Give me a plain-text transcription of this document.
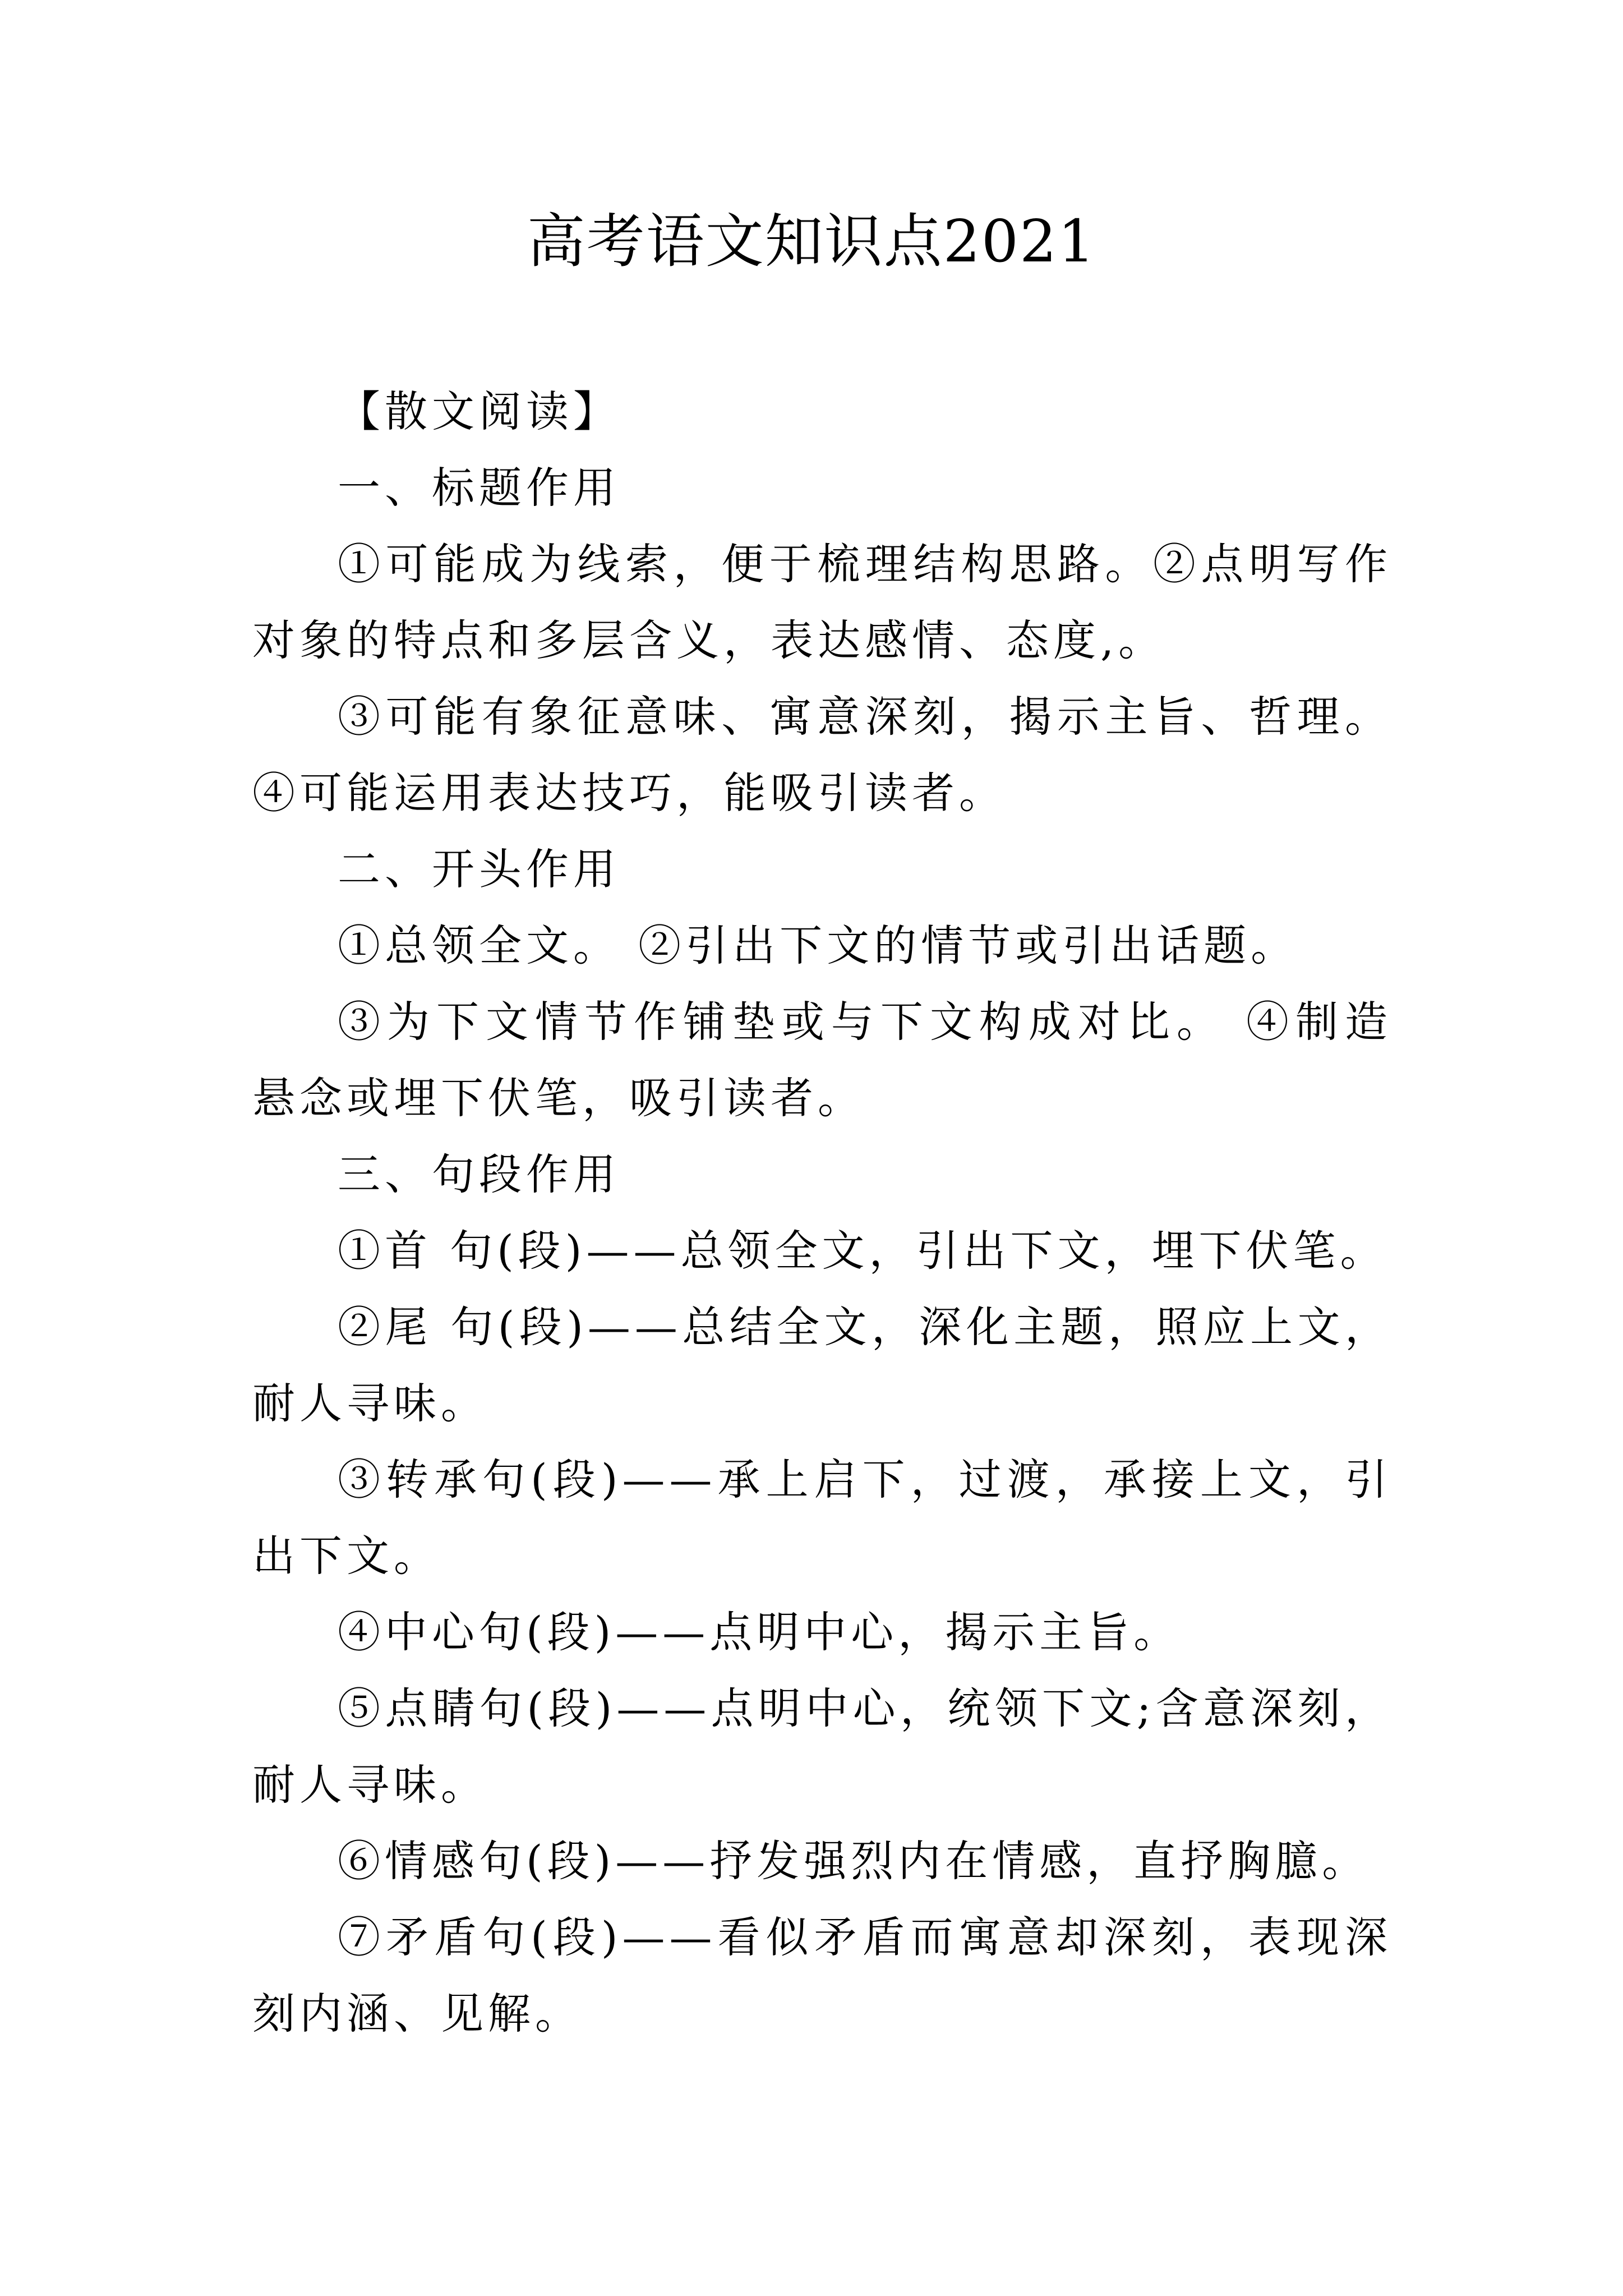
高考语文知识点2021

【散文阅读】

一、标题作用

①可能成为线索，便于梳理结构思路。②点明写作对象的特点和多层含义，表达感情、态度,。

③可能有象征意味、寓意深刻，揭示主旨、哲理。④可能运用表达技巧，能吸引读者。

二、开头作用

①总领全文。 ②引出下文的情节或引出话题。

③为下文情节作铺垫或与下文构成对比。 ④制造悬念或埋下伏笔，吸引读者。

三、句段作用

①首 句(段)——总领全文，引出下文，埋下伏笔。

②尾 句(段)——总结全文，深化主题，照应上文，耐人寻味。

③转承句(段)——承上启下，过渡，承接上文，引出下文。

④中心句(段)——点明中心，揭示主旨。

⑤点睛句(段)——点明中心，统领下文;含意深刻，耐人寻味。

⑥情感句(段)——抒发强烈内在情感，直抒胸臆。

⑦矛盾句(段)——看似矛盾而寓意却深刻，表现深刻内涵、见解。
